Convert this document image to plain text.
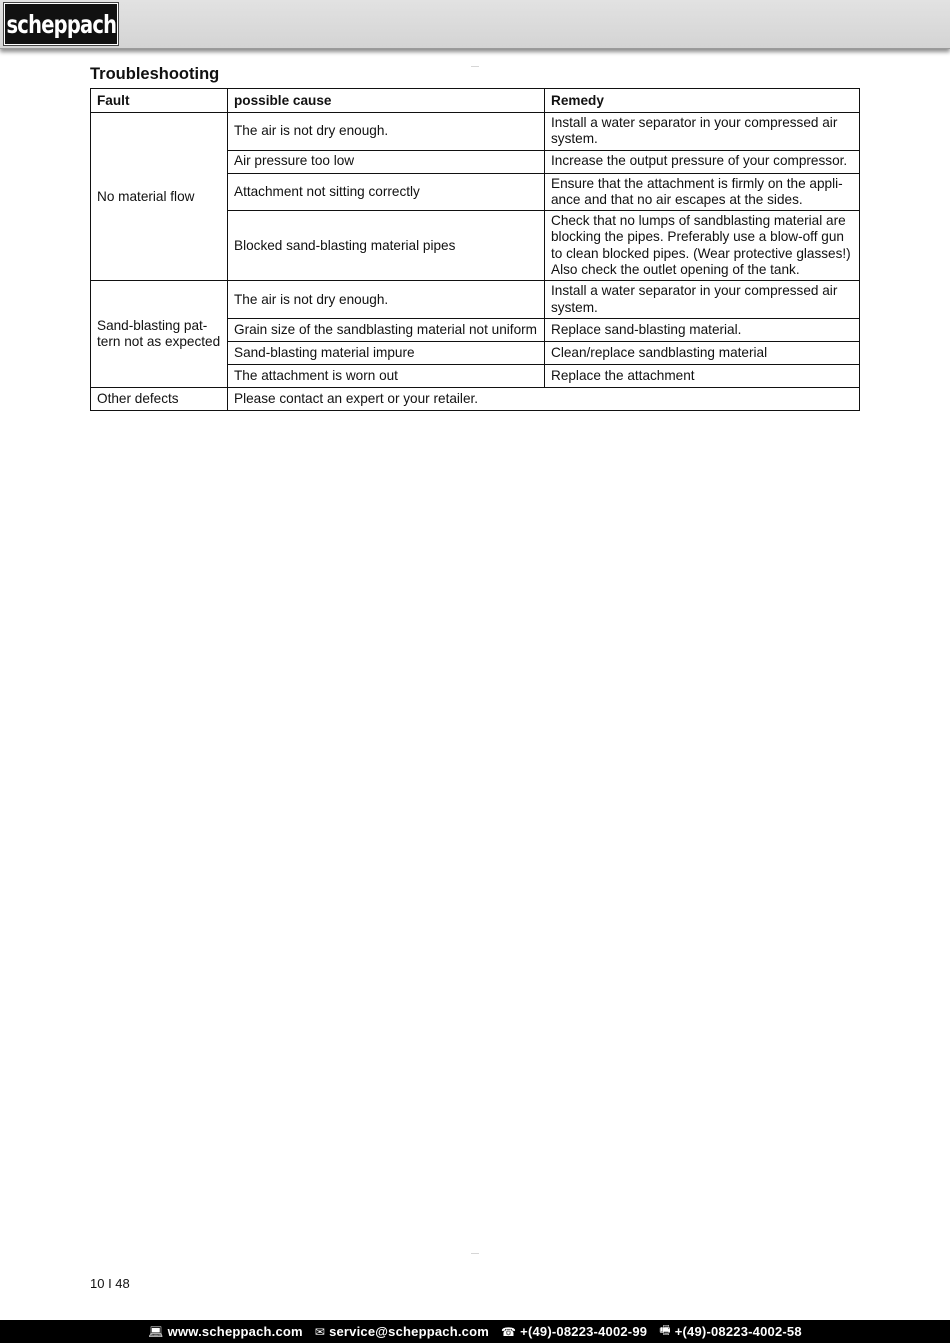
scheppach
Troubleshooting
Fault	possible cause	Remedy
No material flow	The air is not dry enough.	Install a water separator in your compressed air system.
	Air pressure too low	Increase the output pressure of your compressor.
	Attachment not sitting correctly	Ensure that the attachment is firmly on the appli-ance and that no air escapes at the sides.
	Blocked sand-blasting material pipes	Check that no lumps of sandblasting material are blocking the pipes. Preferably use a blow-off gun to clean blocked pipes. (Wear protective glasses!) Also check the outlet opening of the tank.
Sand-blasting pat-tern not as expected	The air is not dry enough.	Install a water separator in your compressed air system.
	Grain size of the sandblasting material not uniform	Replace sand-blasting material.
	Sand-blasting material impure	Clean/replace sandblasting material
	The attachment is worn out	Replace the attachment
Other defects	Please contact an expert or your retailer.	
10 I 48
💻︎ www.scheppach.com ✉ service@scheppach.com ☎ +(49)-08223-4002-99 🖷︎ +(49)-08223-4002-58
